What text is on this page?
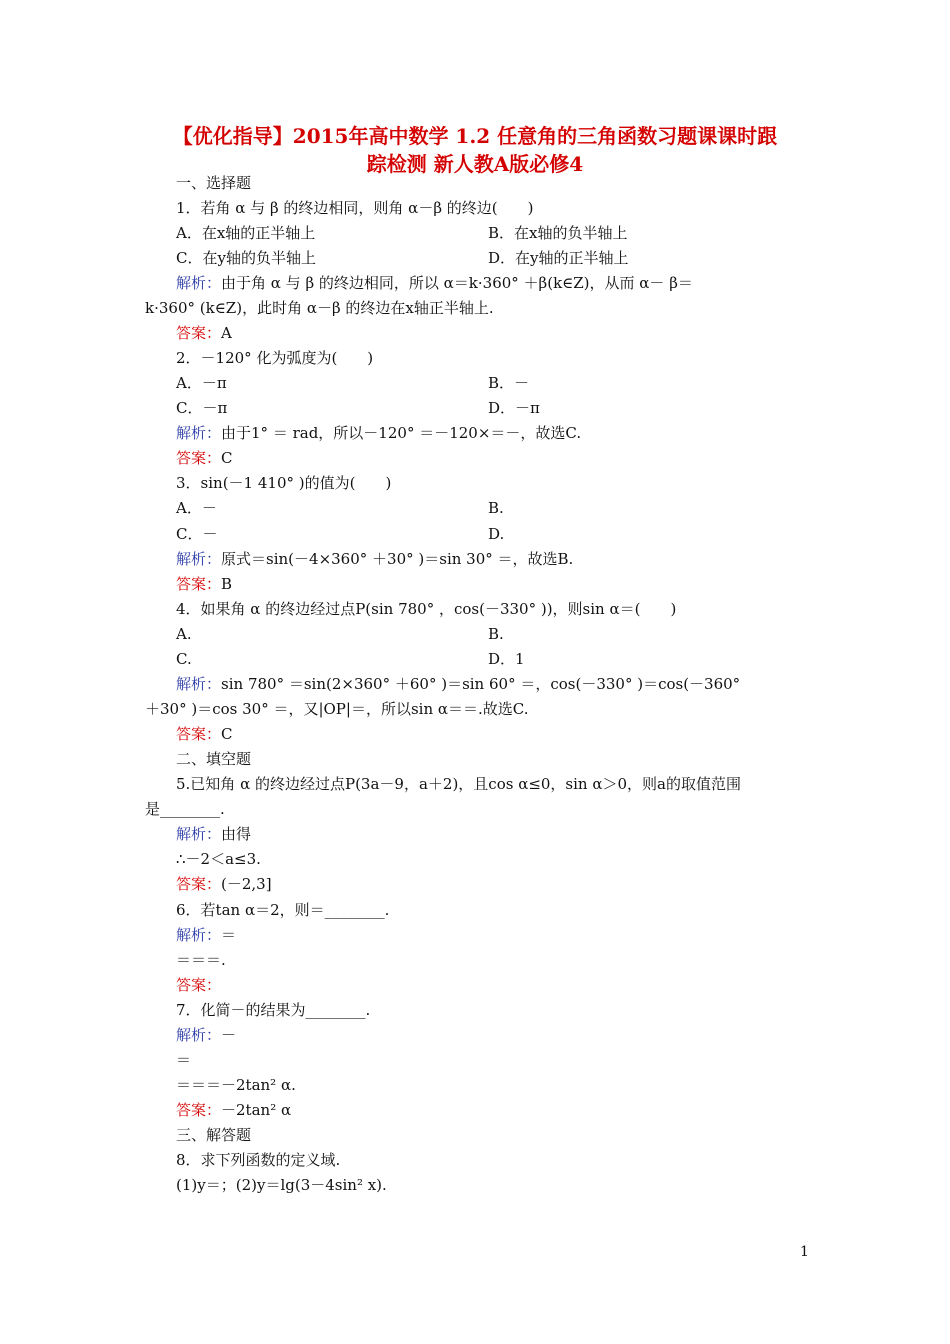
【优化指导】2015年高中数学 1.2 任意角的三角函数习题课课时跟
踪检测 新人教A版必修4
一、选择题
1．若角 α 与 β 的终边相同，则角 α－β 的终边(　　)
A．在x轴的正半轴上	B．在x轴的负半轴上
C．在y轴的负半轴上	D．在y轴的正半轴上
解析：由于角 α 与 β 的终边相同，所以 α＝k·360° ＋β(k∈Z)，从而 α－ β＝
k·360° (k∈Z)，此时角 α－β 的终边在x轴正半轴上.
答案：A
2．－120° 化为弧度为(　　)
A．－π	B．－
C．－π	D．－π
解析：由于1° ＝ rad，所以－120° ＝－120×＝－，故选C.
答案：C
3．sin(－1 410° )的值为(　　)
A．－	B.
C．－	D.
解析：原式＝sin(－4×360° ＋30° )＝sin 30° ＝，故选B.
答案：B
4．如果角 α 的终边经过点P(sin 780° ，cos(－330° ))，则sin α＝(　　)
A.	B.
C.	D．1
解析：sin 780° ＝sin(2×360° ＋60° )＝sin 60° ＝，cos(－330° )＝cos(－360°
＋30° )＝cos 30° ＝，又|OP|＝，所以sin α＝＝.故选C.
答案：C
二、填空题
5.已知角 α 的终边经过点P(3a－9，a＋2)，且cos α≤0，sin α＞0，则a的取值范围
是________.
解析：由得
∴－2＜a≤3.
答案：(－2,3]
6．若tan α＝2，则＝________.
解析：＝
＝＝＝.
答案：
7．化简－的结果为________.
解析：－
＝
＝＝＝－2tan² α.
答案：－2tan² α
三、解答题
8．求下列函数的定义域.
(1)y＝；(2)y＝lg(3－4sin² x).
1
